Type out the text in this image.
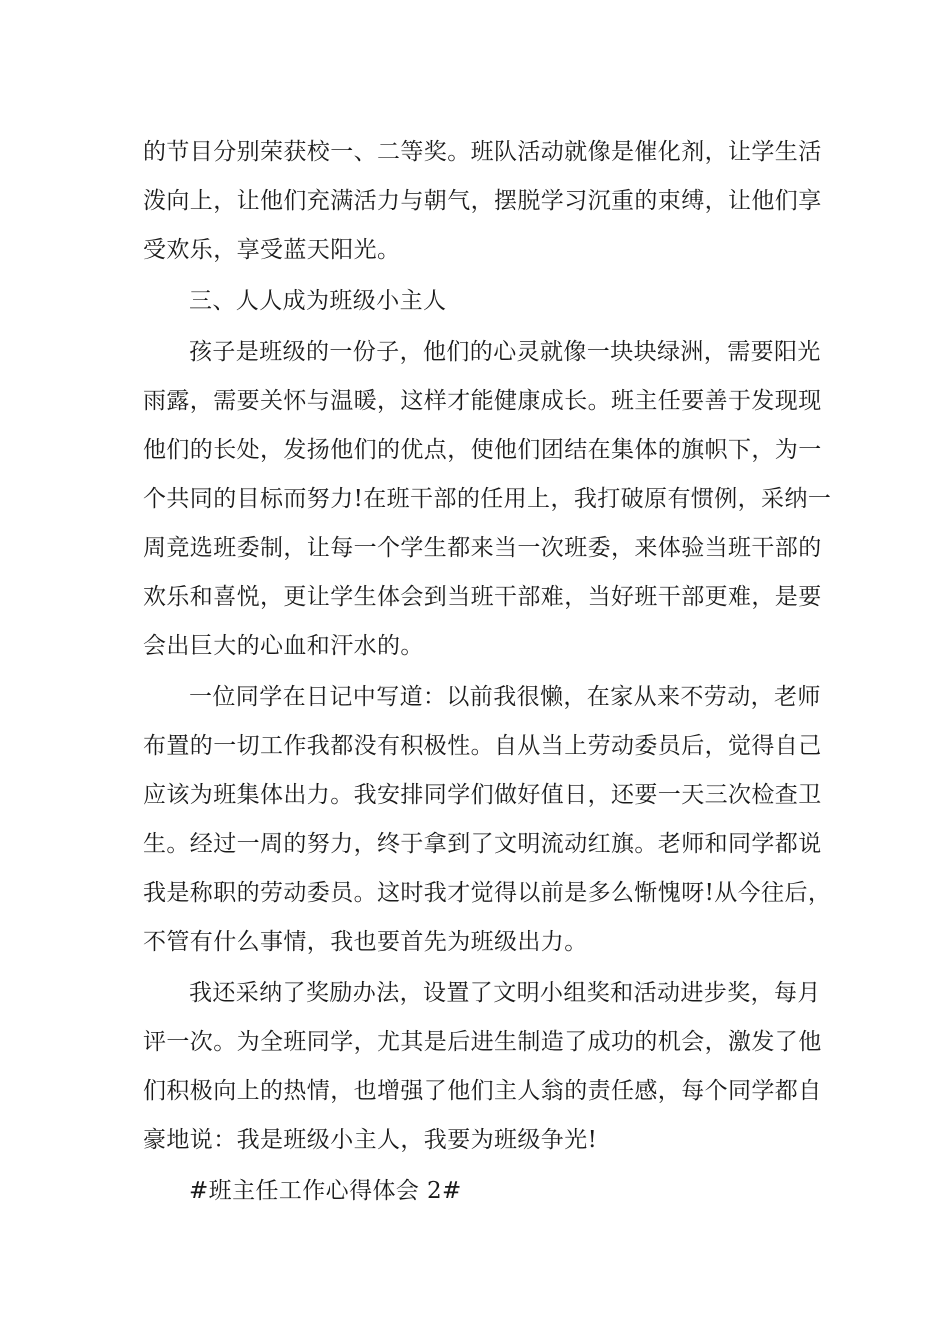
的节目分别荣获校一、二等奖。班队活动就像是催化剂，让学生活
泼向上，让他们充满活力与朝气，摆脱学习沉重的束缚，让他们享
受欢乐，享受蓝天阳光。
三、人人成为班级小主人
孩子是班级的一份子，他们的心灵就像一块块绿洲，需要阳光
雨露，需要关怀与温暖，这样才能健康成长。班主任要善于发现现
他们的长处，发扬他们的优点，使他们团结在集体的旗帜下，为一
个共同的目标而努力!在班干部的任用上，我打破原有惯例，采纳一
周竞选班委制，让每一个学生都来当一次班委，来体验当班干部的
欢乐和喜悦，更让学生体会到当班干部难，当好班干部更难，是要
会出巨大的心血和汗水的。
一位同学在日记中写道：以前我很懒，在家从来不劳动，老师
布置的一切工作我都没有积极性。自从当上劳动委员后，觉得自己
应该为班集体出力。我安排同学们做好值日，还要一天三次检查卫
生。经过一周的努力，终于拿到了文明流动红旗。老师和同学都说
我是称职的劳动委员。这时我才觉得以前是多么惭愧呀!从今往后，
不管有什么事情，我也要首先为班级出力。
我还采纳了奖励办法，设置了文明小组奖和活动进步奖，每月
评一次。为全班同学，尤其是后进生制造了成功的机会，激发了他
们积极向上的热情，也增强了他们主人翁的责任感，每个同学都自
豪地说：我是班级小主人，我要为班级争光!
#班主任工作心得体会 2#
